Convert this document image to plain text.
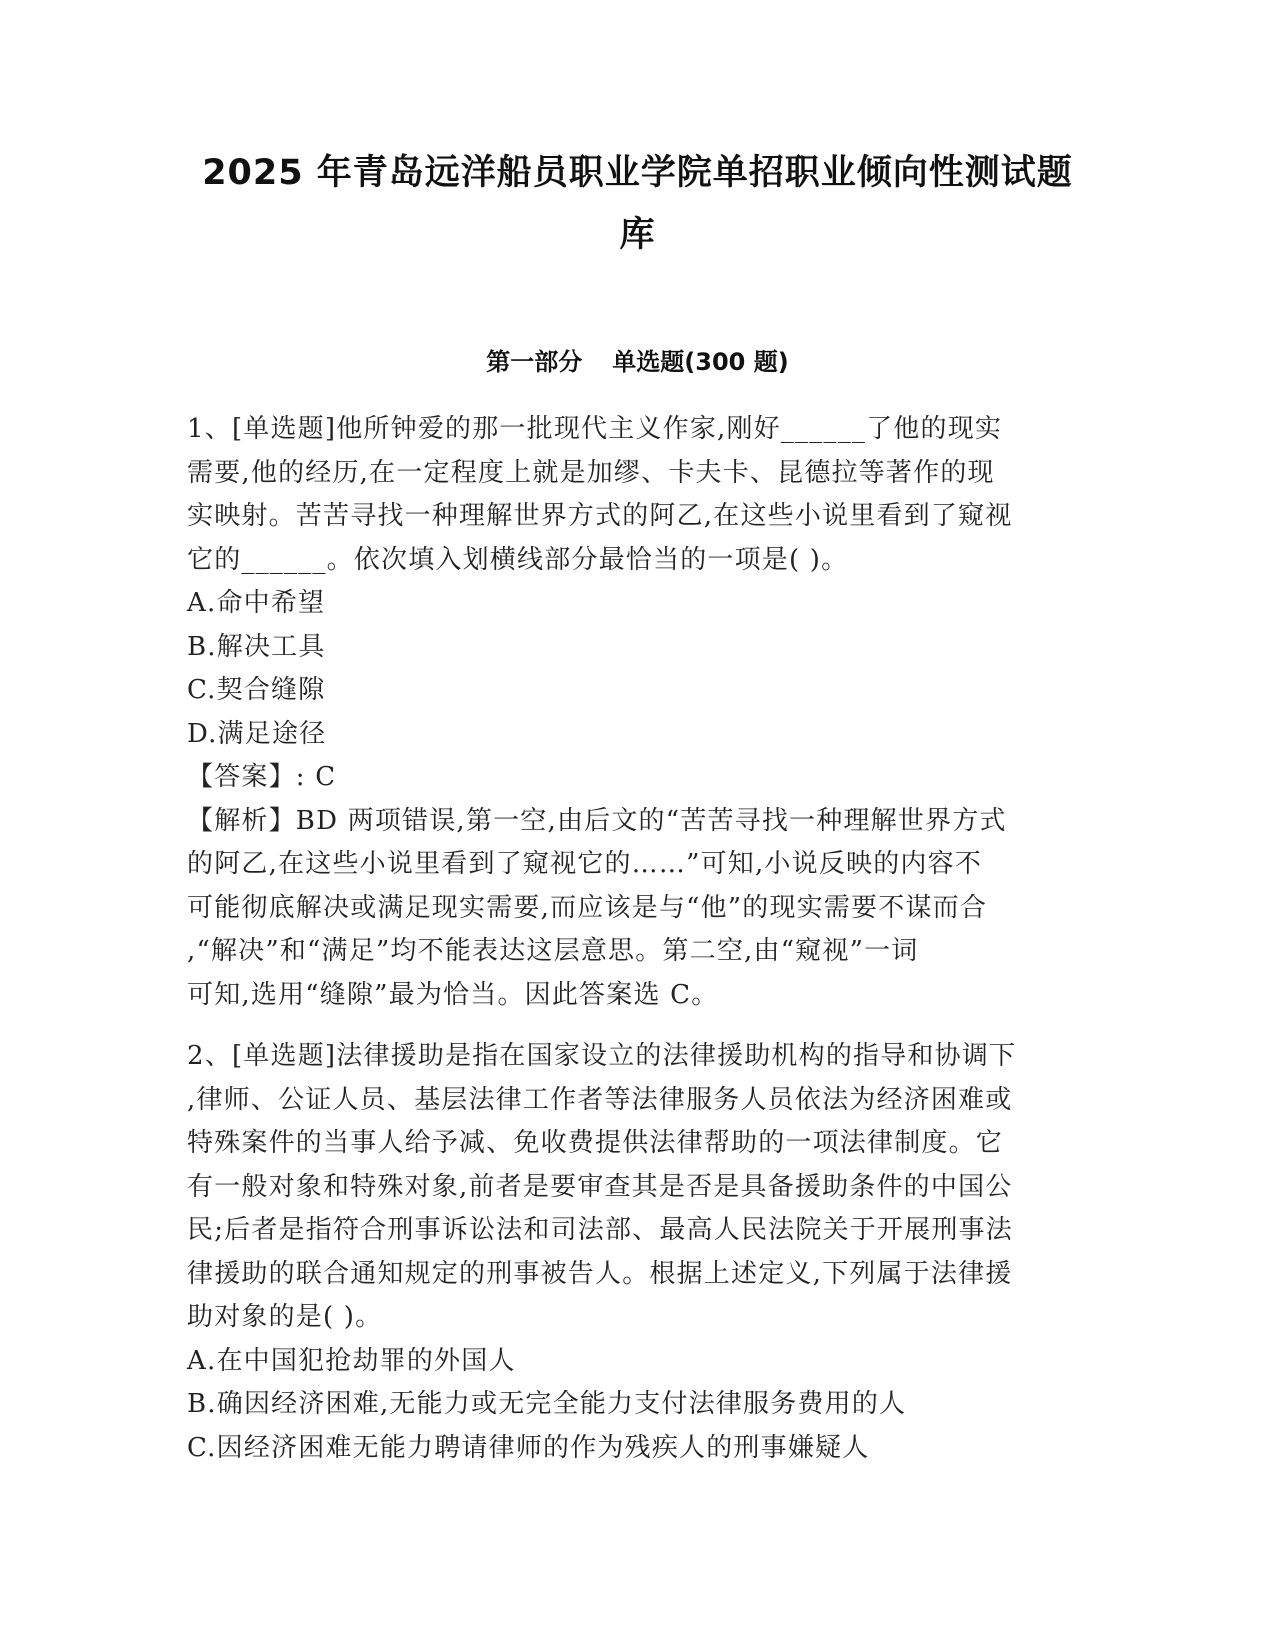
2025 年青岛远洋船员职业学院单招职业倾向性测试题
库
第一部分 单选题(300 题)
1、[单选题]他所钟爱的那一批现代主义作家,刚好______了他的现实
需要,他的经历,在一定程度上就是加缪、卡夫卡、昆德拉等著作的现
实映射。苦苦寻找一种理解世界方式的阿乙,在这些小说里看到了窥视
它的______。依次填入划横线部分最恰当的一项是( )。
A.命中希望
B.解决工具
C.契合缝隙
D.满足途径
【答案】: C
【解析】BD 两项错误,第一空,由后文的“苦苦寻找一种理解世界方式
的阿乙,在这些小说里看到了窥视它的……”可知,小说反映的内容不
可能彻底解决或满足现实需要,而应该是与“他”的现实需要不谋而合
,“解决”和“满足”均不能表达这层意思。第二空,由“窥视”一词
可知,选用“缝隙”最为恰当。因此答案选 C。
2、[单选题]法律援助是指在国家设立的法律援助机构的指导和协调下
,律师、公证人员、基层法律工作者等法律服务人员依法为经济困难或
特殊案件的当事人给予减、免收费提供法律帮助的一项法律制度。它
有一般对象和特殊对象,前者是要审查其是否是具备援助条件的中国公
民;后者是指符合刑事诉讼法和司法部、最高人民法院关于开展刑事法
律援助的联合通知规定的刑事被告人。根据上述定义,下列属于法律援
助对象的是( )。
A.在中国犯抢劫罪的外国人
B.确因经济困难,无能力或无完全能力支付法律服务费用的人
C.因经济困难无能力聘请律师的作为残疾人的刑事嫌疑人
